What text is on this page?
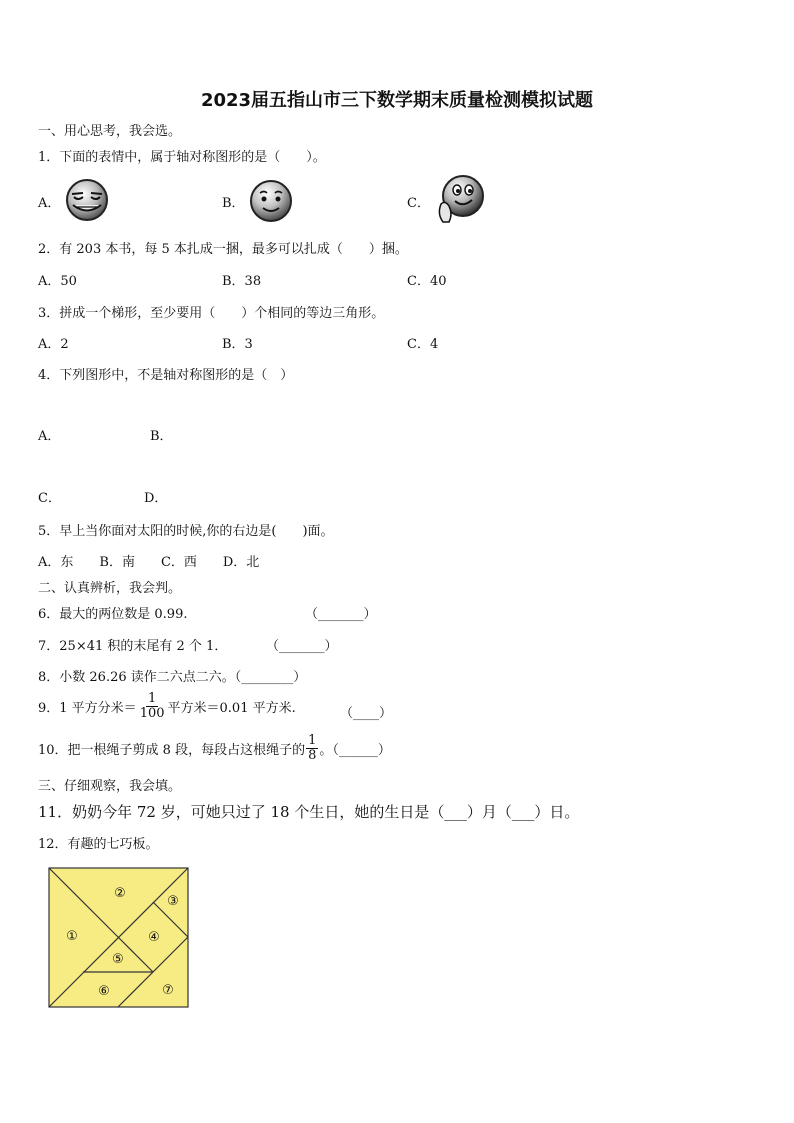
2023届五指山市三下数学期末质量检测模拟试题
一、用心思考，我会选。
1．下面的表情中，属于轴对称图形的是（　　）。
A．	B．	C．
2．有 203 本书，每 5 本扎成一捆，最多可以扎成（　　）捆。
A．50	B．38	C．40
3．拼成一个梯形，至少要用（　　）个相同的等边三角形。
A．2	B．3	C．4
4．下列图形中，不是轴对称图形的是（　）
A．	B．
C．	D．
5．早上当你面对太阳的时候,你的右边是(　　)面。
A．东　　B．南　　C．西　　D．北
二、认真辨析，我会判。
6．最大的两位数是 0.99.	（_______）
7．25×41 积的末尾有 2 个 1．	（_______）
8．小数 26.26 读作二六点二六。（________）
9．1 平方分米＝ $\frac{1}{100}$ 平方米＝0.01 平方米.	（____）
10．把一根绳子剪成 8 段，每段占这根绳子的 $\frac{1}{8}$ 。（______）
三、仔细观察，我会填。
11．奶奶今年 72 岁，可她只过了 18 个生日，她的生日是（___）月（___）日。
12．有趣的七巧板。
①
②
③
④
⑤
⑥	⑦
